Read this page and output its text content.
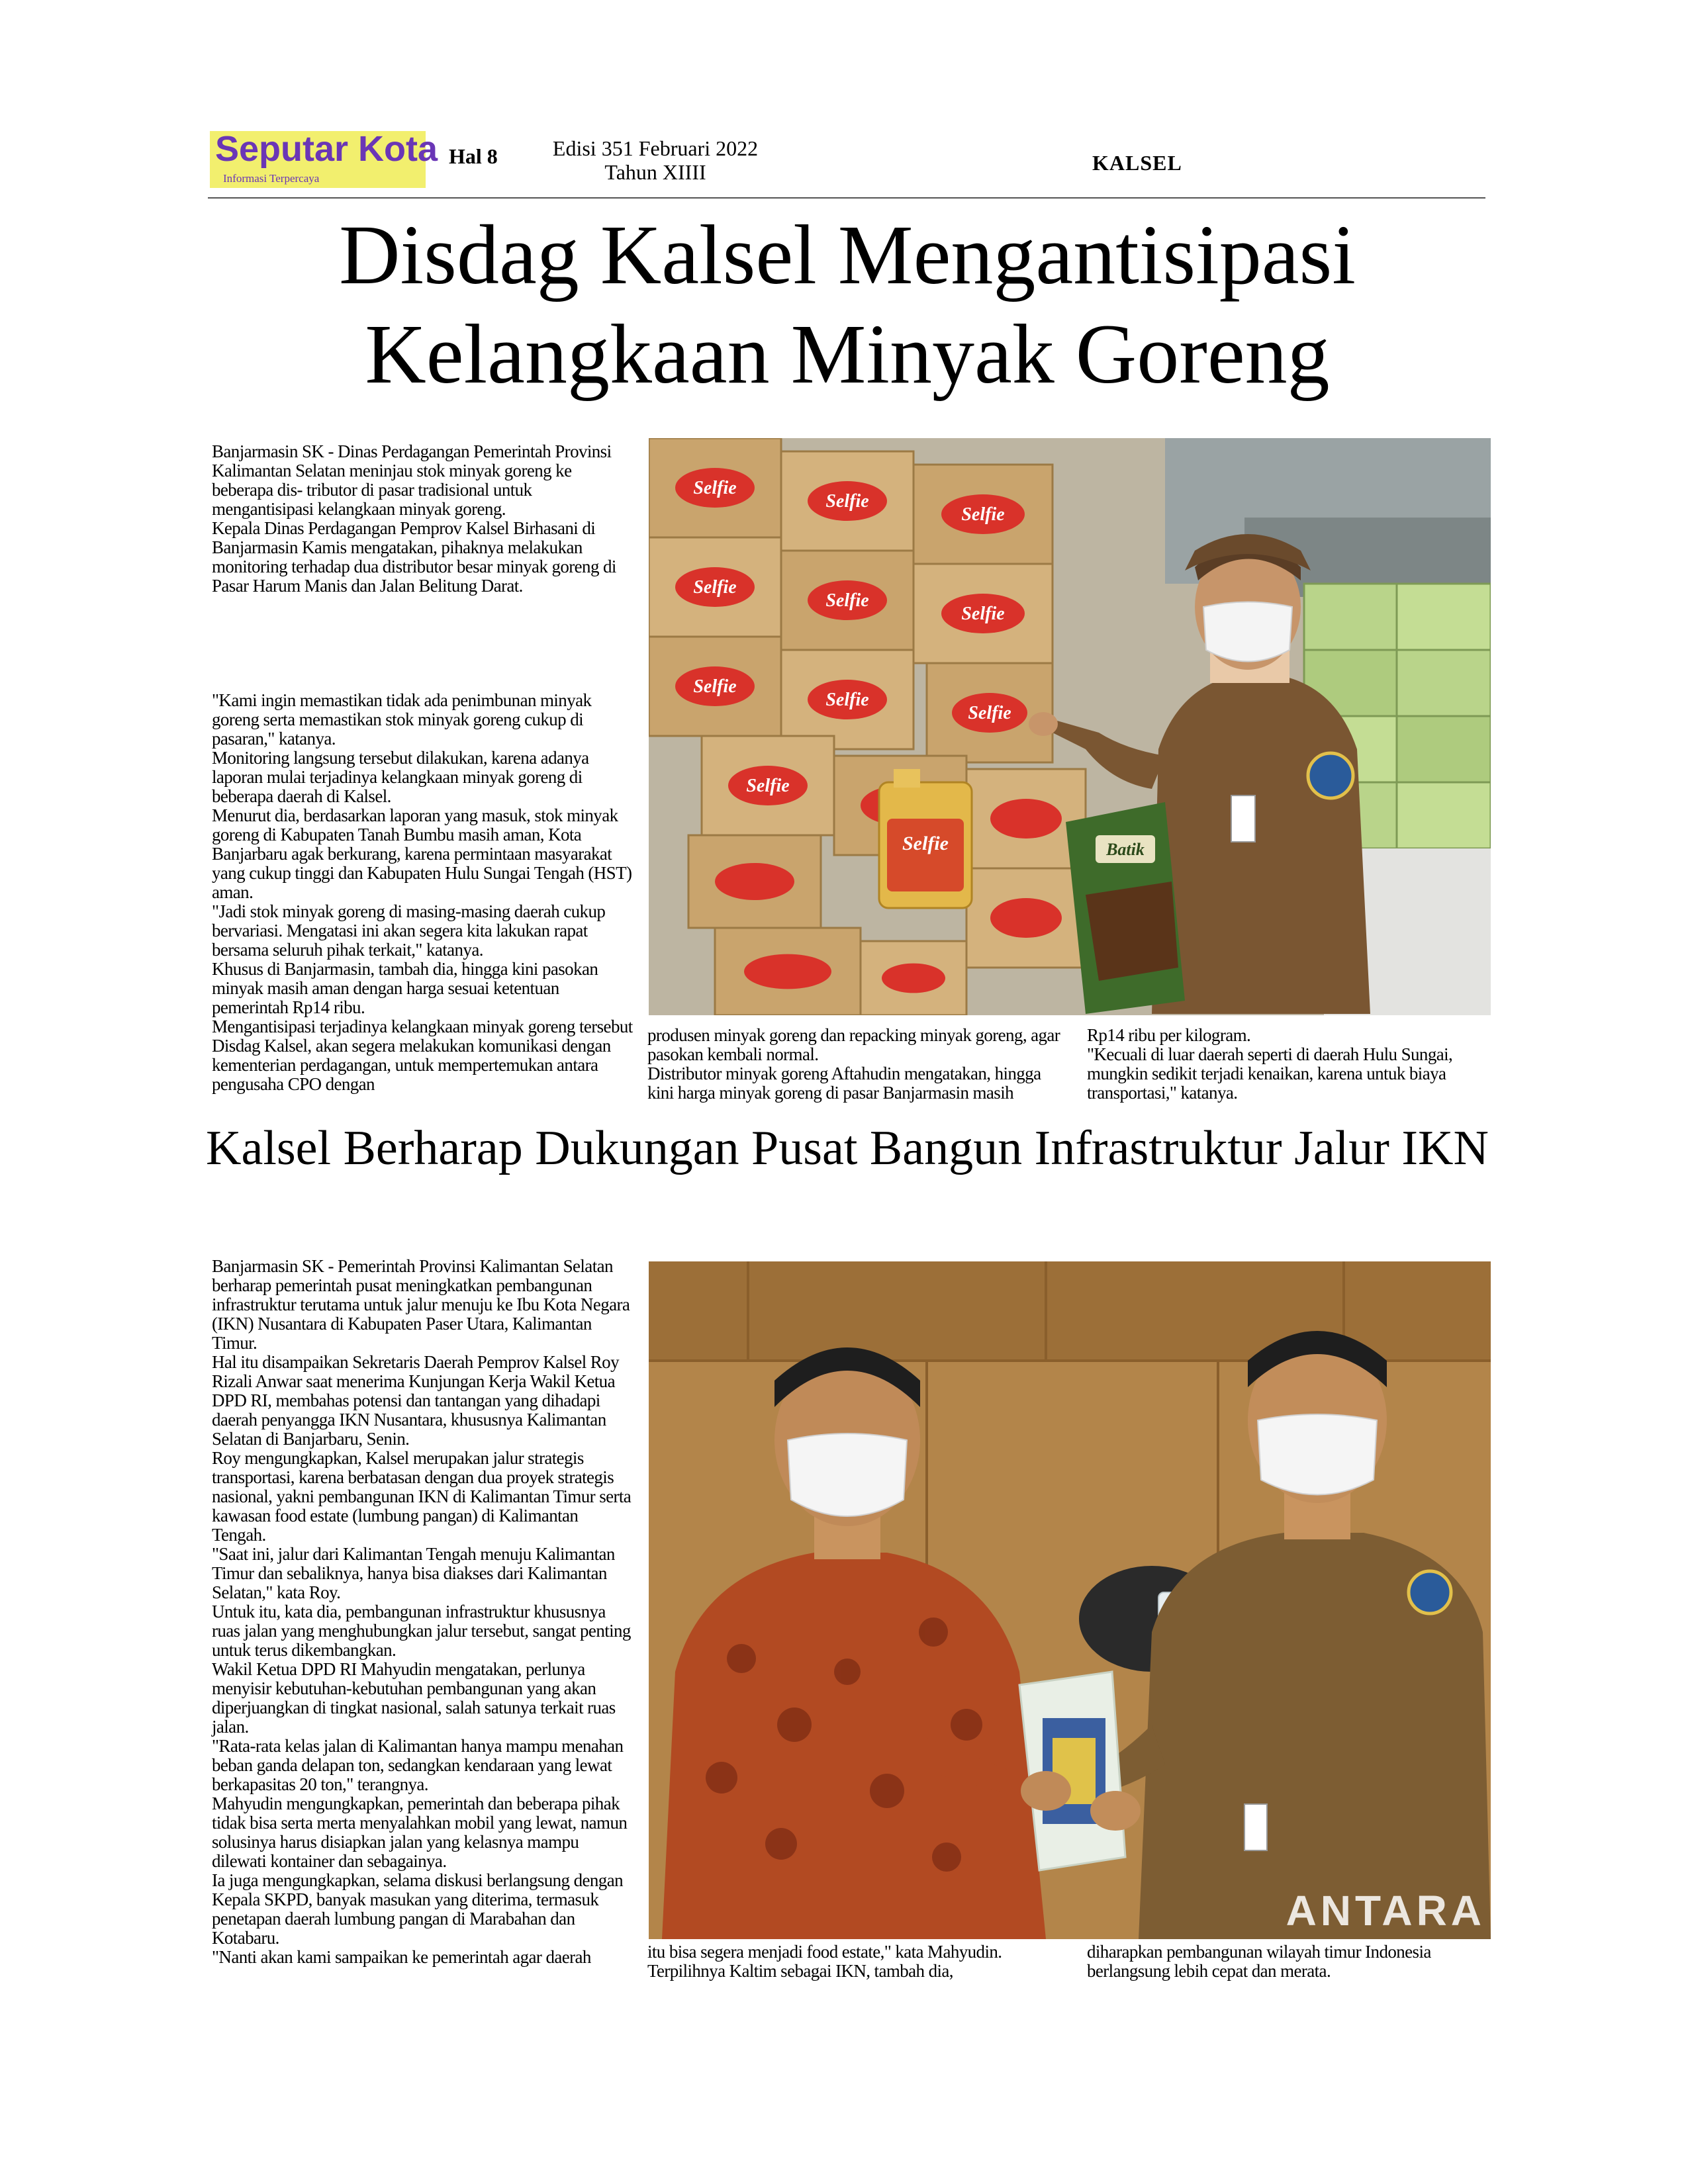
Seputar Kota
Informasi Terpercaya
Hal 8	Edisi 351 Februari 2022 Tahun XIIII	KALSEL
Disdag Kalsel Mengantisipasi Kelangkaan Minyak Goreng

Banjarmasin SK - Dinas Perdagangan Pemerintah Provinsi Kalimantan Selatan meninjau stok minyak goreng ke beberapa dis- tributor di pasar tradisional untuk mengantisipasi kelangkaan minyak goreng.

Kepala Dinas Perdagangan Pemprov Kalsel Birhasani di Banjarmasin Kamis mengatakan, pihaknya melakukan monitoring terhadap dua distributor besar minyak goreng di Pasar Harum Manis dan Jalan Belitung Darat.

"Kami ingin memastikan tidak ada penimbunan minyak goreng serta memastikan stok minyak goreng cukup di pasaran," katanya.

Monitoring langsung tersebut dilakukan, karena adanya laporan mulai terjadinya kelangkaan minyak goreng di beberapa daerah di Kalsel.

Menurut dia, berdasarkan laporan yang masuk, stok minyak goreng di Kabupaten Tanah Bumbu masih aman, Kota Banjarbaru agak berkurang, karena permintaan masyarakat yang cukup tinggi dan Kabupaten Hulu Sungai Tengah (HST) aman.

"Jadi stok minyak goreng di masing-masing daerah cukup bervariasi. Mengatasi ini akan segera kita lakukan rapat bersama seluruh pihak terkait," katanya.

Khusus di Banjarmasin, tambah dia, hingga kini pasokan minyak masih aman dengan harga sesuai ketentuan pemerintah Rp14 ribu.

Mengantisipasi terjadinya kelangkaan minyak goreng tersebut Disdag Kalsel, akan segera melakukan komunikasi dengan kementerian perdagangan, untuk mempertemukan antara pengusaha CPO dengan

Selfie
Selfie
Selfie
Selfie
Selfie
Selfie
Selfie
Selfie
Selfie
Selfie
Selfie	Batik

produsen minyak goreng dan repacking minyak goreng, agar pasokan kembali normal.

Distributor minyak goreng Aftahudin mengatakan, hingga kini harga minyak goreng di pasar Banjarmasin masih

Rp14 ribu per kilogram.

"Kecuali di luar daerah seperti di daerah Hulu Sungai, mungkin sedikit terjadi kenaikan, karena untuk biaya transportasi," katanya.

Kalsel Berharap Dukungan Pusat Bangun Infrastruktur Jalur IKN

Banjarmasin SK - Pemerintah Provinsi Kalimantan Selatan berharap pemerintah pusat meningkatkan pembangunan infrastruktur terutama untuk jalur menuju ke Ibu Kota Negara (IKN) Nusantara di Kabupaten Paser Utara, Kalimantan Timur.

Hal itu disampaikan Sekretaris Daerah Pemprov Kalsel Roy Rizali Anwar saat menerima Kunjungan Kerja Wakil Ketua DPD RI, membahas potensi dan tantangan yang dihadapi daerah penyangga IKN Nusantara, khususnya Kalimantan Selatan di Banjarbaru, Senin.

Roy mengungkapkan, Kalsel merupakan jalur strategis transportasi, karena berbatasan dengan dua proyek strategis nasional, yakni pembangunan IKN di Kalimantan Timur serta kawasan food estate (lumbung pangan) di Kalimantan Tengah.

"Saat ini, jalur dari Kalimantan Tengah menuju Kalimantan Timur dan sebaliknya, hanya bisa diakses dari Kalimantan Selatan," kata Roy.

Untuk itu, kata dia, pembangunan infrastruktur khususnya ruas jalan yang menghubungkan jalur tersebut, sangat penting untuk terus dikembangkan.

Wakil Ketua DPD RI Mahyudin mengatakan, perlunya menyisir kebutuhan-kebutuhan pembangunan yang akan diperjuangkan di tingkat nasional, salah satunya terkait ruas jalan.

"Rata-rata kelas jalan di Kalimantan hanya mampu menahan beban ganda delapan ton, sedangkan kendaraan yang lewat berkapasitas 20 ton," terangnya.

Mahyudin mengungkapkan, pemerintah dan beberapa pihak tidak bisa serta merta menyalahkan mobil yang lewat, namun solusinya harus disiapkan jalan yang kelasnya mampu dilewati kontainer dan sebagainya.

Ia juga mengungkapkan, selama diskusi berlangsung dengan Kepala SKPD, banyak masukan yang diterima, termasuk penetapan daerah lumbung pangan di Marabahan dan Kotabaru.

"Nanti akan kami sampaikan ke pemerintah agar daerah

ANTARA

itu bisa segera menjadi food estate," kata Mahyudin.

Terpilihnya Kaltim sebagai IKN, tambah dia,

diharapkan pembangunan wilayah timur Indonesia berlangsung lebih cepat dan merata.
